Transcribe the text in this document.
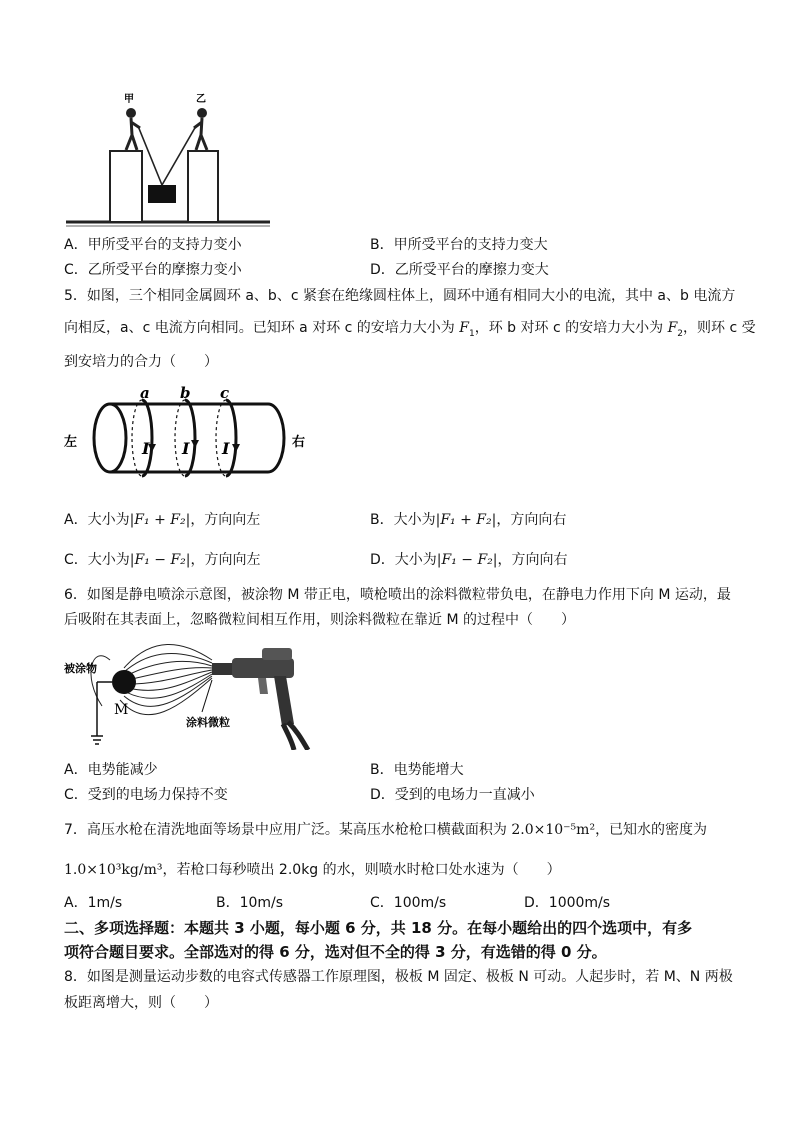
甲	乙
A．甲所受平台的支持力变小	B．甲所受平台的支持力变大
C．乙所受平台的摩擦力变小	D．乙所受平台的摩擦力变大
5．如图，三个相同金属圆环 a、b、c 紧套在绝缘圆柱体上，圆环中通有相同大小的电流，其中 a、b 电流方
向相反，a、c 电流方向相同。已知环 a 对环 c 的安培力大小为 $F_1$，环 b 对环 c 的安培力大小为 $F_2$，则环 c 受
到安培力的合力（　　）
a b c
I I I
左	右
A．大小为|F₁ + F₂|，方向向左	B．大小为|F₁ + F₂|，方向向右
C．大小为|F₁ − F₂|，方向向左	D．大小为|F₁ − F₂|，方向向右
6．如图是静电喷涂示意图，被涂物 M 带正电，喷枪喷出的涂料微粒带负电，在静电力作用下向 M 运动，最
后吸附在其表面上，忽略微粒间相互作用，则涂料微粒在靠近 M 的过程中（　　）
被涂物
M
涂料微粒
A．电势能减少	B．电势能增大
C．受到的电场力保持不变	D．受到的电场力一直减小
7．高压水枪在清洗地面等场景中应用广泛。某高压水枪枪口横截面积为 2.0×10⁻⁵m²，已知水的密度为
1.0×10³kg/m³，若枪口每秒喷出 2.0kg 的水，则喷水时枪口处水速为（　　）
A．1m/s	B．10m/s	C．100m/s	D．1000m/s
二、多项选择题：本题共 3 小题，每小题 6 分，共 18 分。在每小题给出的四个选项中，有多
项符合题目要求。全部选对的得 6 分，选对但不全的得 3 分，有选错的得 0 分。
8．如图是测量运动步数的电容式传感器工作原理图，极板 M 固定、极板 N 可动。人起步时，若 M、N 两极
板距离增大，则（　　）
